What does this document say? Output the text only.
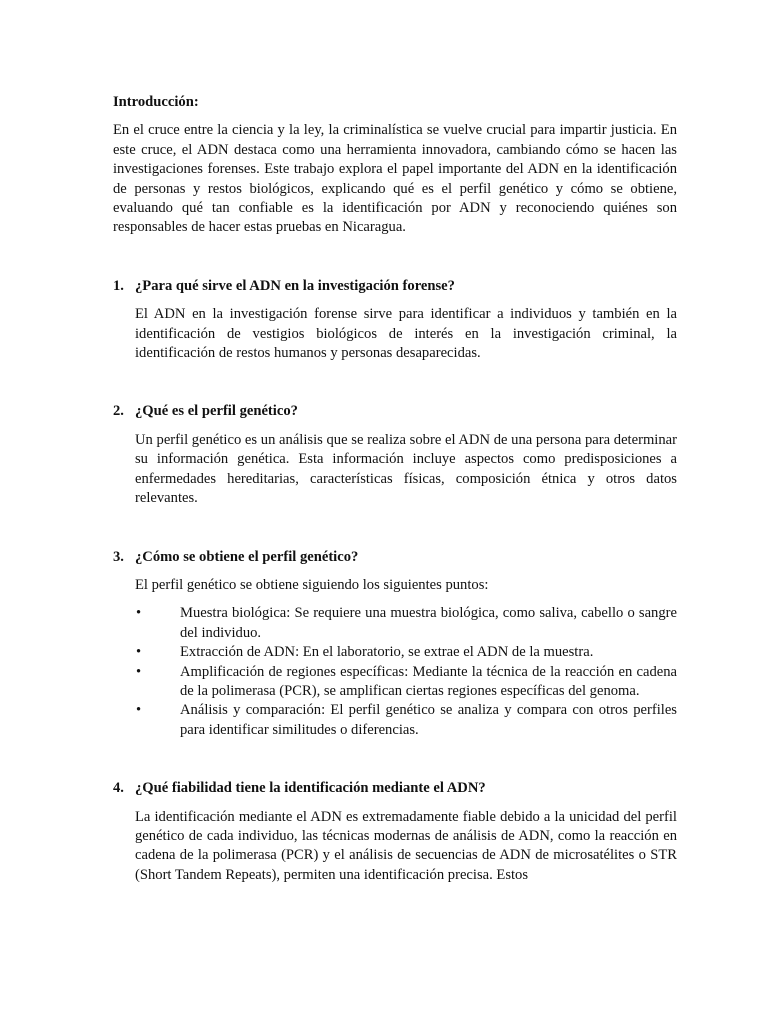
Introducción:

En el cruce entre la ciencia y la ley, la criminalística se vuelve crucial para impartir justicia. En este cruce, el ADN destaca como una herramienta innovadora, cambiando cómo se hacen las investigaciones forenses. Este trabajo explora el papel importante del ADN en la identificación de personas y restos biológicos, explicando qué es el perfil genético y cómo se obtiene, evaluando qué tan confiable es la identificación por ADN y reconociendo quiénes son responsables de hacer estas pruebas en Nicaragua.

1. ¿Para qué sirve el ADN en la investigación forense?

El ADN en la investigación forense sirve para identificar a individuos y también en la identificación de vestigios biológicos de interés en la investigación criminal, la identificación de restos humanos y personas desaparecidas.

2. ¿Qué es el perfil genético?

Un perfil genético es un análisis que se realiza sobre el ADN de una persona para determinar su información genética. Esta información incluye aspectos como predisposiciones a enfermedades hereditarias, características físicas, composición étnica y otros datos relevantes.

3. ¿Cómo se obtiene el perfil genético?

El perfil genético se obtiene siguiendo los siguientes puntos:

•	Muestra biológica: Se requiere una muestra biológica, como saliva, cabello o sangre del individuo.
•	Extracción de ADN: En el laboratorio, se extrae el ADN de la muestra.
•	Amplificación de regiones específicas: Mediante la técnica de la reacción en cadena de la polimerasa (PCR), se amplifican ciertas regiones específicas del genoma.
•	Análisis y comparación: El perfil genético se analiza y compara con otros perfiles para identificar similitudes o diferencias.
4. ¿Qué fiabilidad tiene la identificación mediante el ADN?

La identificación mediante el ADN es extremadamente fiable debido a la unicidad del perfil genético de cada individuo, las técnicas modernas de análisis de ADN, como la reacción en cadena de la polimerasa (PCR) y el análisis de secuencias de ADN de microsatélites o STR (Short Tandem Repeats), permiten una identificación precisa. Estos
